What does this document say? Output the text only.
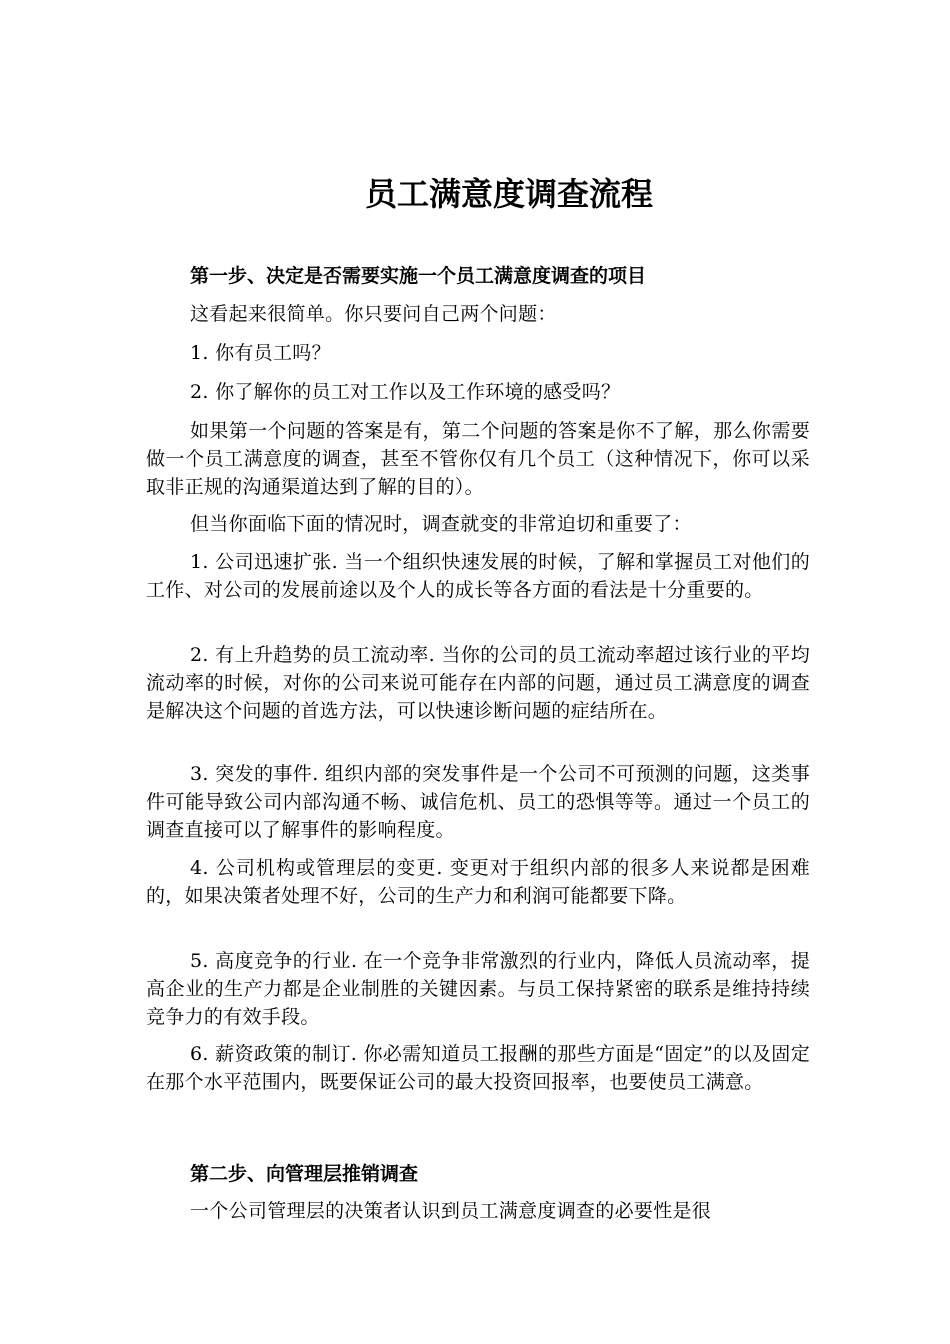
员工满意度调查流程
第一步、决定是否需要实施一个员工满意度调查的项目

这看起来很简单。你只要问自己两个问题：

1. 你有员工吗？

2. 你了解你的员工对工作以及工作环境的感受吗？

如果第一个问题的答案是有，第二个问题的答案是你不了解，那么你需要做一个员工满意度的调查，甚至不管你仅有几个员工（这种情况下，你可以采取非正规的沟通渠道达到了解的目的）。

但当你面临下面的情况时，调查就变的非常迫切和重要了：

1. 公司迅速扩张. 当一个组织快速发展的时候，了解和掌握员工对他们的工作、对公司的发展前途以及个人的成长等各方面的看法是十分重要的。

2. 有上升趋势的员工流动率. 当你的公司的员工流动率超过该行业的平均流动率的时候，对你的公司来说可能存在内部的问题，通过员工满意度的调查是解决这个问题的首选方法，可以快速诊断问题的症结所在。

3. 突发的事件. 组织内部的突发事件是一个公司不可预测的问题，这类事件可能导致公司内部沟通不畅、诚信危机、员工的恐惧等等。通过一个员工的调查直接可以了解事件的影响程度。

4. 公司机构或管理层的变更. 变更对于组织内部的很多人来说都是困难的，如果决策者处理不好，公司的生产力和利润可能都要下降。

5. 高度竞争的行业. 在一个竞争非常激烈的行业内，降低人员流动率，提高企业的生产力都是企业制胜的关键因素。与员工保持紧密的联系是维持持续竞争力的有效手段。

6. 薪资政策的制订. 你必需知道员工报酬的那些方面是“固定”的以及固定在那个水平范围内，既要保证公司的最大投资回报率，也要使员工满意。

第二步、向管理层推销调查

一个公司管理层的决策者认识到员工满意度调查的必要性是很
